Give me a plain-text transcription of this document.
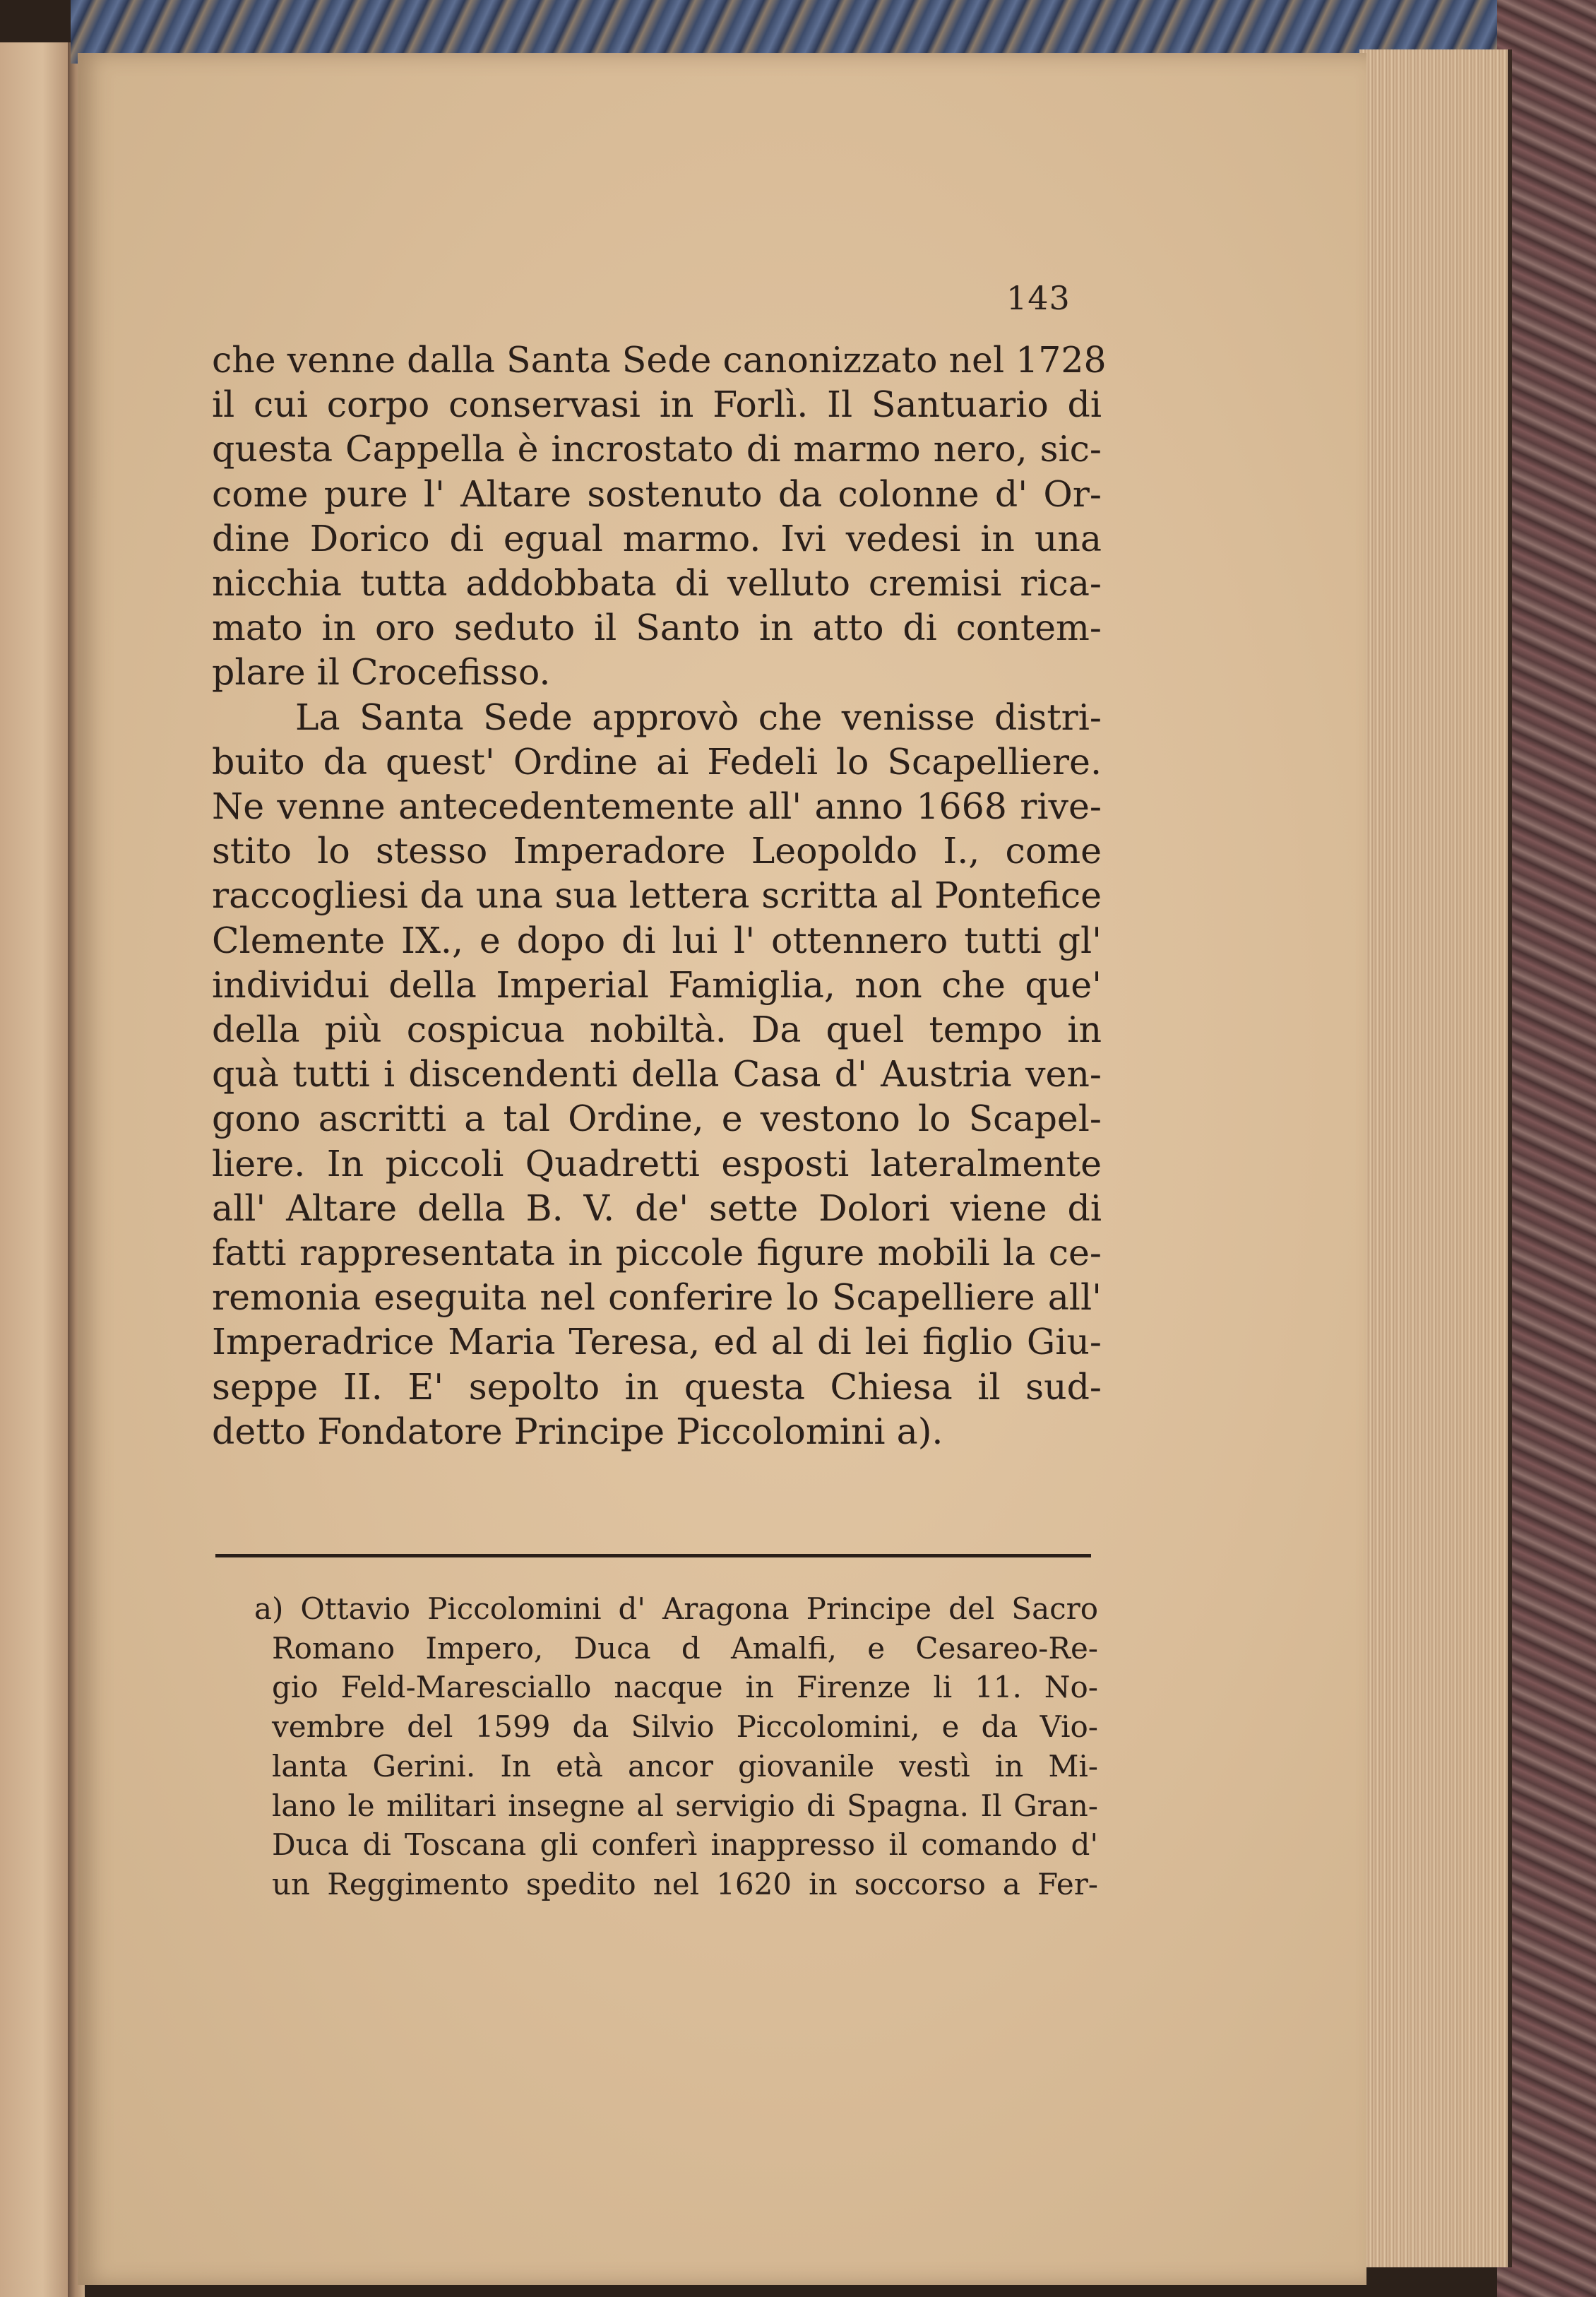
143
che venne dalla Santa Sede canonizzato nel 1728
il cui corpo conservasi in Forlì. Il Santuario di
questa Cappella è incrostato di marmo nero, sic-
come pure l' Altare sostenuto da colonne d' Or-
dine Dorico di egual marmo. Ivi vedesi in una
nicchia tutta addobbata di velluto cremisi rica-
mato in oro seduto il Santo in atto di contem-
plare il Crocefisso.
La Santa Sede approvò che venisse distri-
buito da quest' Ordine ai Fedeli lo Scapelliere.
Ne venne antecedentemente all' anno 1668 rive-
stito lo stesso Imperadore Leopoldo I., come
raccogliesi da una sua lettera scritta al Pontefice
Clemente IX., e dopo di lui l' ottennero tutti gl'
individui della Imperial Famiglia, non che que'
della più cospicua nobiltà. Da quel tempo in
quà tutti i discendenti della Casa d' Austria ven-
gono ascritti a tal Ordine, e vestono lo Scapel-
liere. In piccoli Quadretti esposti lateralmente
all' Altare della B. V. de' sette Dolori viene di
fatti rappresentata in piccole figure mobili la ce-
remonia eseguita nel conferire lo Scapelliere all'
Imperadrice Maria Teresa, ed al di lei figlio Giu-
seppe II. E' sepolto in questa Chiesa il sud-
detto Fondatore Principe Piccolomini a).
a) Ottavio Piccolomini d' Aragona Principe del Sacro
Romano Impero, Duca d Amalfi, e Cesareo-Re-
gio Feld-Maresciallo nacque in Firenze li 11. No-
vembre del 1599 da Silvio Piccolomini, e da Vio-
lanta Gerini. In età ancor giovanile vestì in Mi-
lano le militari insegne al servigio di Spagna. Il Gran-
Duca di Toscana gli conferì inappresso il comando d'
un Reggimento spedito nel 1620 in soccorso a Fer-
